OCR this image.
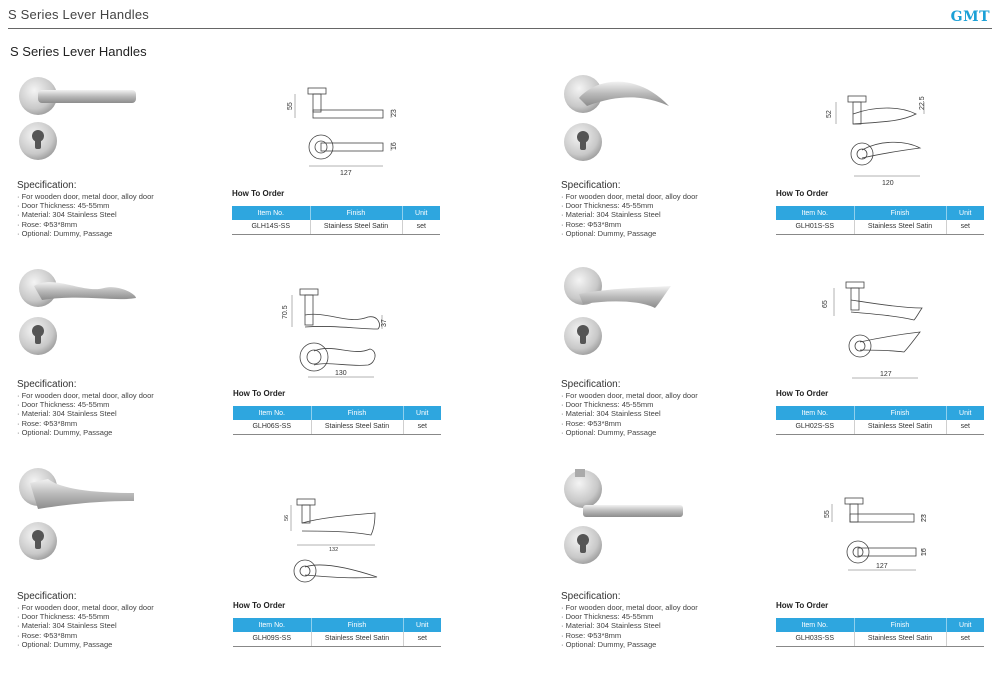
S Series Lever Handles	GMT
S Series Lever Handles
55
23
16
127
Specification:
· For wooden door, metal door, alloy door
· Door Thickness: 45-55mm
· Material: 304 Stainless Steel
· Rose: Φ53*8mm
· Optional: Dummy, Passage
How To Order
Item No.	Finish	Unit
GLH14S-SS	Stainless Steel Satin	set
52
22.5
120
Specification:
· For wooden door, metal door, alloy door
· Door Thickness: 45-55mm
· Material: 304 Stainless Steel
· Rose: Φ53*8mm
· Optional: Dummy, Passage
How To Order
Item No.	Finish	Unit
GLH01S-SS	Stainless Steel Satin	set
70.5
37
130
Specification:
· For wooden door, metal door, alloy door
· Door Thickness: 45-55mm
· Material: 304 Stainless Steel
· Rose: Φ53*8mm
· Optional: Dummy, Passage
How To Order
Item No.	Finish	Unit
GLH06S-SS	Stainless Steel Satin	set
65
127
Specification:
· For wooden door, metal door, alloy door
· Door Thickness: 45-55mm
· Material: 304 Stainless Steel
· Rose: Φ53*8mm
· Optional: Dummy, Passage
How To Order
Item No.	Finish	Unit
GLH02S-SS	Stainless Steel Satin	set
56
132
Specification:
· For wooden door, metal door, alloy door
· Door Thickness: 45-55mm
· Material: 304 Stainless Steel
· Rose: Φ53*8mm
· Optional: Dummy, Passage
How To Order
Item No.	Finish	Unit
GLH09S-SS	Stainless Steel Satin	set
55
23
16
127
Specification:
· For wooden door, metal door, alloy door
· Door Thickness: 45-55mm
· Material: 304 Stainless Steel
· Rose: Φ53*8mm
· Optional: Dummy, Passage
How To Order
Item No.	Finish	Unit
GLH03S-SS	Stainless Steel Satin	set
